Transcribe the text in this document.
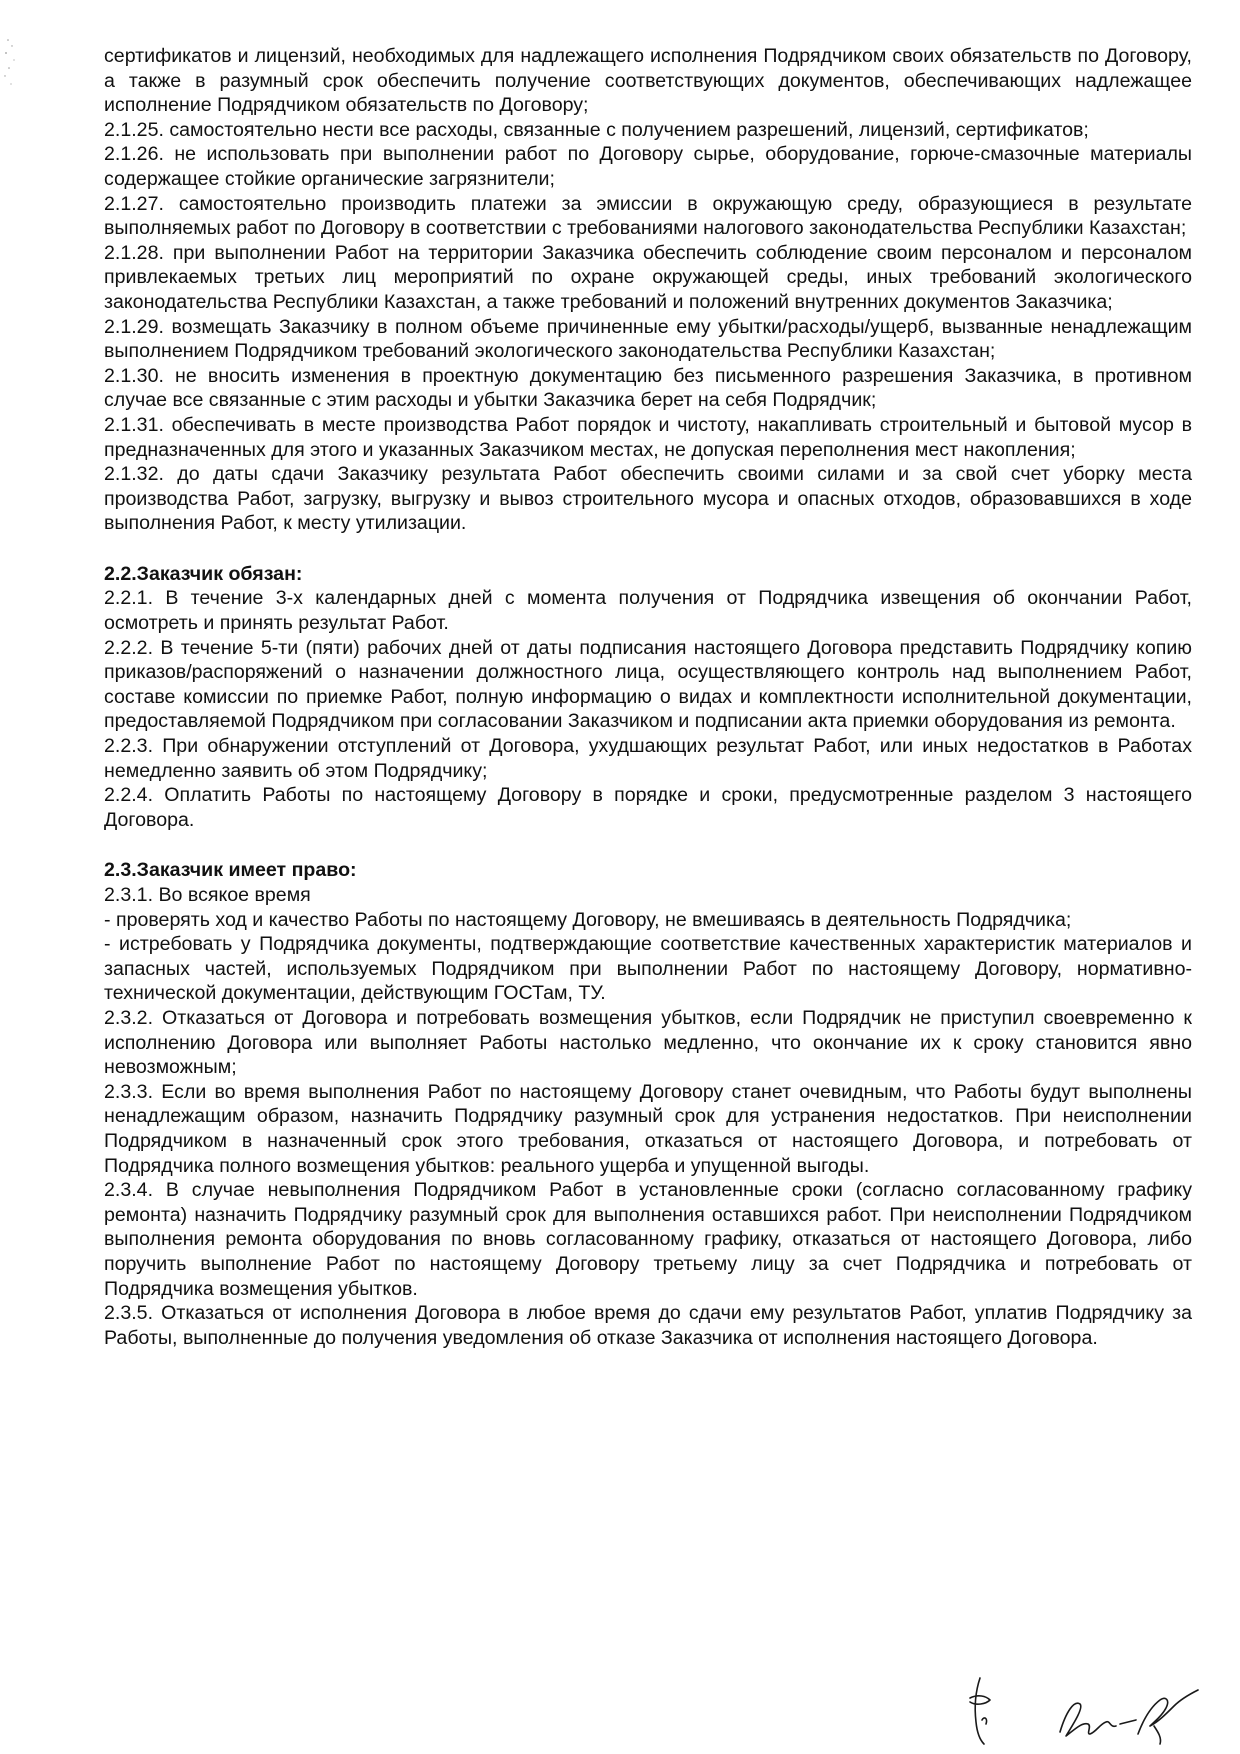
сертификатов и лицензий, необходимых для надлежащего исполнения Подрядчиком своих обязательств по Договору, а также в разумный срок обеспечить получение соответствующих документов, обеспечивающих надлежащее исполнение Подрядчиком обязательств по Договору;

2.1.25. самостоятельно нести все расходы, связанные с получением разрешений, лицензий, сертификатов;

2.1.26. не использовать при выполнении работ по Договору сырье, оборудование, горюче-смазочные материалы содержащее стойкие органические загрязнители;

2.1.27. самостоятельно производить платежи за эмиссии в окружающую среду, образующиеся в результате выполняемых работ по Договору в соответствии с требованиями налогового законодательства Республики Казахстан;

2.1.28. при выполнении Работ на территории Заказчика обеспечить соблюдение своим персоналом и персоналом привлекаемых третьих лиц мероприятий по охране окружающей среды, иных требований экологического законодательства Республики Казахстан, а также требований и положений внутренних документов Заказчика;

2.1.29. возмещать Заказчику в полном объеме причиненные ему убытки/расходы/ущерб, вызванные ненадлежащим выполнением Подрядчиком требований экологического законодательства Республики Казахстан;

2.1.30. не вносить изменения в проектную документацию без письменного разрешения Заказчика, в противном случае все связанные с этим расходы и убытки Заказчика берет на себя Подрядчик;

2.1.31. обеспечивать в месте производства Работ порядок и чистоту, накапливать строительный и бытовой мусор в предназначенных для этого и указанных Заказчиком местах, не допуская переполнения мест накопления;

2.1.32. до даты сдачи Заказчику результата Работ обеспечить своими силами и за свой счет уборку места производства Работ, загрузку, выгрузку и вывоз строительного мусора и опасных отходов, образовавшихся в ходе выполнения Работ, к месту утилизации.

2.2.Заказчик обязан:

2.2.1. В течение 3-х календарных дней с момента получения от Подрядчика извещения об окончании Работ, осмотреть и принять результат Работ.

2.2.2. В течение 5-ти (пяти) рабочих дней от даты подписания настоящего Договора представить Подрядчику копию приказов/распоряжений о назначении должностного лица, осуществляющего контроль над выполнением Работ, составе комиссии по приемке Работ, полную информацию о видах и комплектности исполнительной документации, предоставляемой Подрядчиком при согласовании Заказчиком и подписании акта приемки оборудования из ремонта.

2.2.3. При обнаружении отступлений от Договора, ухудшающих результат Работ, или иных недостатков в Работах немедленно заявить об этом Подрядчику;

2.2.4. Оплатить Работы по настоящему Договору в порядке и сроки, предусмотренные разделом 3 настоящего Договора.

2.3.Заказчик имеет право:

2.3.1. Во всякое время

- проверять ход и качество Работы по настоящему Договору, не вмешиваясь в деятельность Подрядчика;

- истребовать у Подрядчика документы, подтверждающие соответствие качественных характеристик материалов и запасных частей, используемых Подрядчиком при выполнении Работ по настоящему Договору, нормативно-технической документации, действующим ГОСТам, ТУ.

2.3.2. Отказаться от Договора и потребовать возмещения убытков, если Подрядчик не приступил своевременно к исполнению Договора или выполняет Работы настолько медленно, что окончание их к сроку становится явно невозможным;

2.3.3. Если во время выполнения Работ по настоящему Договору станет очевидным, что Работы будут выполнены ненадлежащим образом, назначить Подрядчику разумный срок для устранения недостатков. При неисполнении Подрядчиком в назначенный срок этого требования, отказаться от настоящего Договора, и потребовать от Подрядчика полного возмещения убытков: реального ущерба и упущенной выгоды.

2.3.4. В случае невыполнения Подрядчиком Работ в установленные сроки (согласно согласованному графику ремонта) назначить Подрядчику разумный срок для выполнения оставшихся работ. При неисполнении Подрядчиком выполнения ремонта оборудования по вновь согласованному графику, отказаться от настоящего Договора, либо поручить выполнение Работ по настоящему Договору третьему лицу за счет Подрядчика и потребовать от Подрядчика возмещения убытков.

2.3.5. Отказаться от исполнения Договора в любое время до сдачи ему результатов Работ, уплатив Подрядчику за Работы, выполненные до получения уведомления об отказе Заказчика от исполнения настоящего Договора.
